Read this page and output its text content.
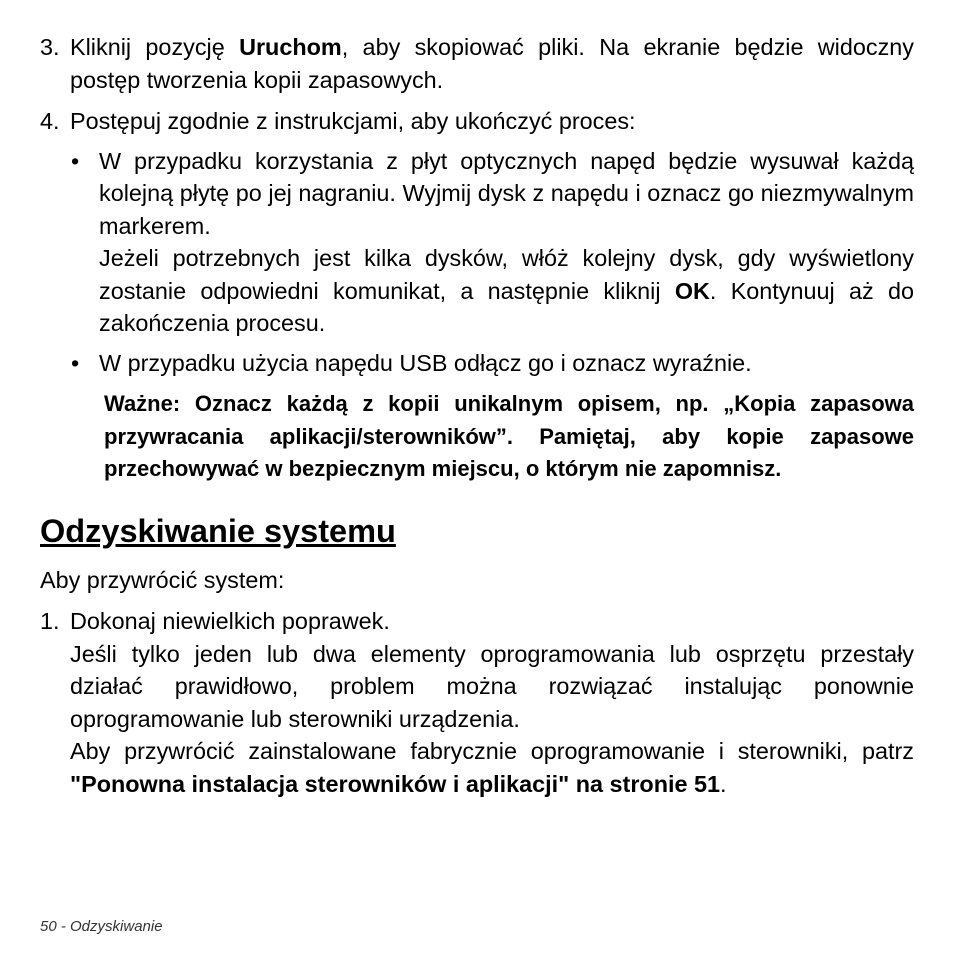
3. Kliknij pozycję Uruchom, aby skopiować pliki. Na ekranie będzie widoczny postęp tworzenia kopii zapasowych.

4. Postępuj zgodnie z instrukcjami, aby ukończyć proces:

• W przypadku korzystania z płyt optycznych napęd będzie wysuwał każdą kolejną płytę po jej nagraniu. Wyjmij dysk z napędu i oznacz go niezmywalnym markerem.

Jeżeli potrzebnych jest kilka dysków, włóż kolejny dysk, gdy wyświetlony zostanie odpowiedni komunikat, a następnie kliknij OK. Kontynuuj aż do zakończenia procesu.

• W przypadku użycia napędu USB odłącz go i oznacz wyraźnie.

Ważne: Oznacz każdą z kopii unikalnym opisem, np. „Kopia zapasowa przywracania aplikacji/sterowników”. Pamiętaj, aby kopie zapasowe przechowywać w bezpiecznym miejscu, o którym nie zapomnisz.

Odzyskiwanie systemu

Aby przywrócić system:

1. Dokonaj niewielkich poprawek.

Jeśli tylko jeden lub dwa elementy oprogramowania lub osprzętu przestały działać prawidłowo, problem można rozwiązać instalując ponownie oprogramowanie lub sterowniki urządzenia.

Aby przywrócić zainstalowane fabrycznie oprogramowanie i sterowniki, patrz "Ponowna instalacja sterowników i aplikacji" na stronie 51.

50 - Odzyskiwanie
